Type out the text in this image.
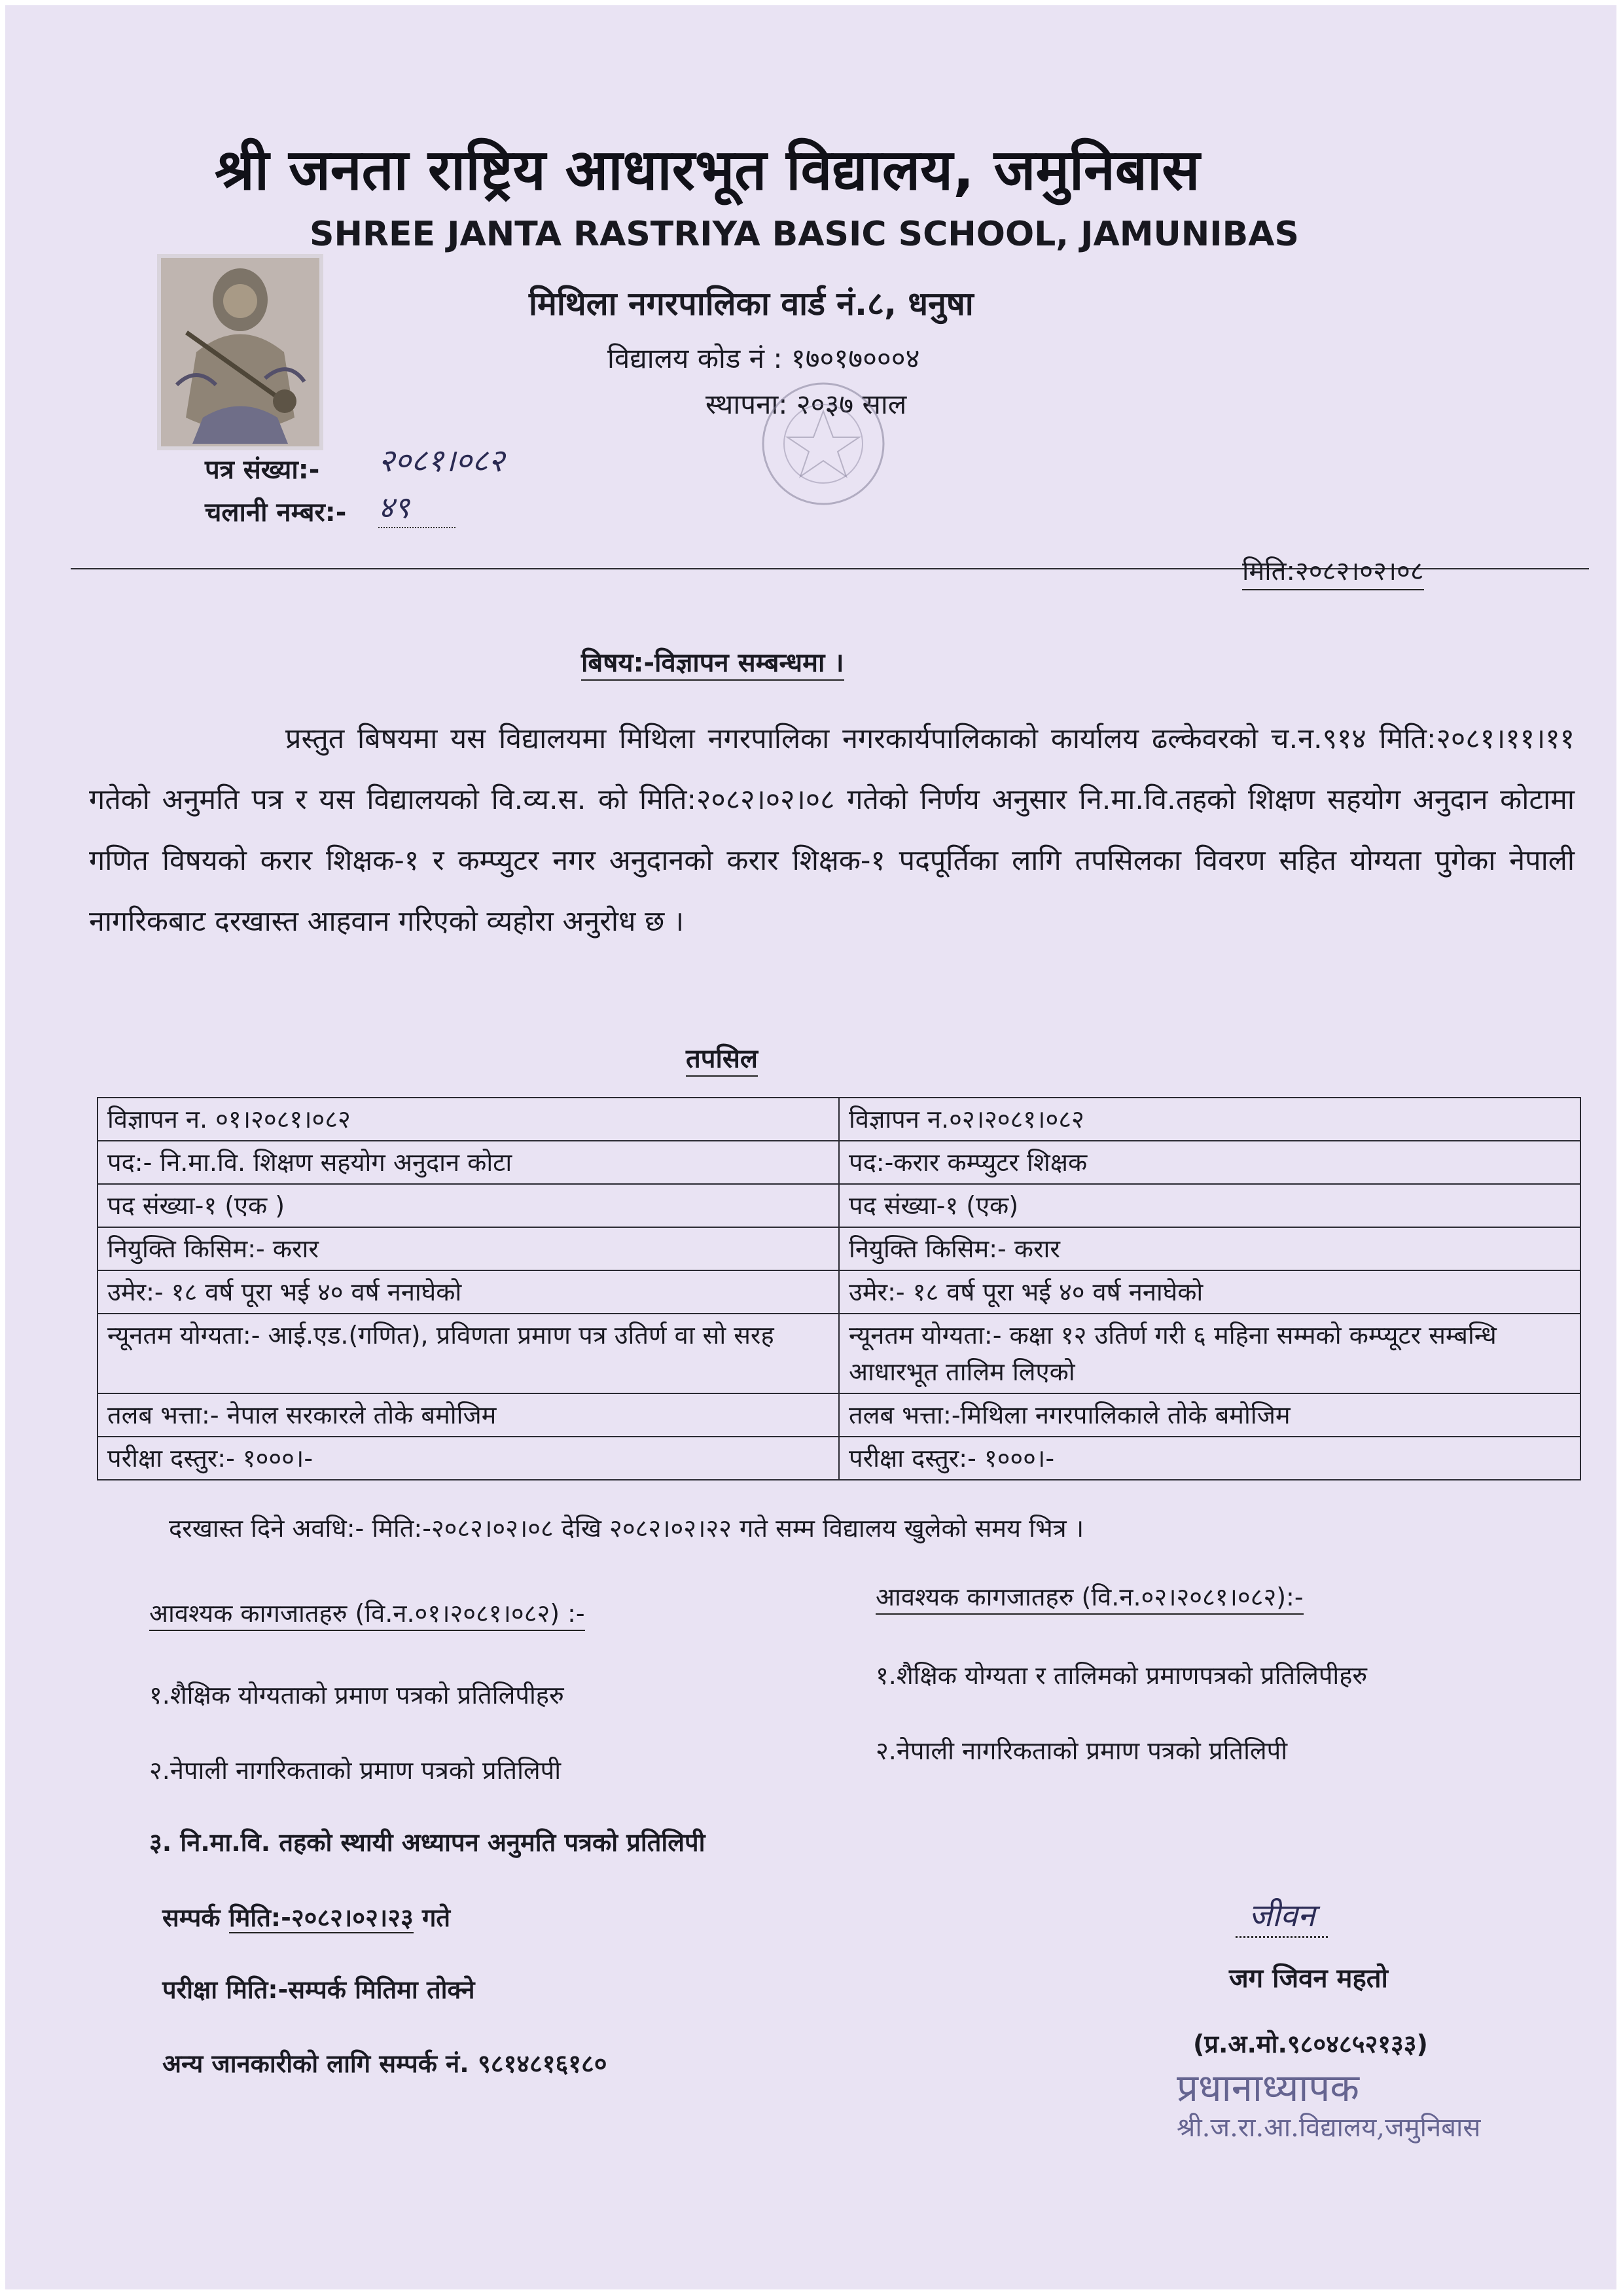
श्री जनता राष्ट्रिय आधारभूत विद्यालय, जमुनिबास
SHREE JANTA RASTRIYA BASIC SCHOOL, JAMUNIBAS
मिथिला नगरपालिका वार्ड नं.८, धनुषा
विद्यालय कोड नं : १७०१७०००४
स्थापना: २०३७ साल
पत्र संख्या:- २०८१।०८२
चलानी नम्बर:- ४९
मिति:२०८२।०२।०८
बिषय:-विज्ञापन सम्बन्धमा ।
प्रस्तुत बिषयमा यस विद्यालयमा मिथिला नगरपालिका नगरकार्यपालिकाको कार्यालय ढल्केवरको च.न.९१४ मिति:२०८१।११।११ गतेको अनुमति पत्र र यस विद्यालयको वि.व्य.स. को मिति:२०८२।०२।०८ गतेको निर्णय अनुसार नि.मा.वि.तहको शिक्षण सहयोग अनुदान कोटामा गणित विषयको करार शिक्षक-१ र कम्प्युटर नगर अनुदानको करार शिक्षक-१ पदपूर्तिका लागि तपसिलका विवरण सहित योग्यता पुगेका नेपाली नागरिकबाट दरखास्त आहवान गरिएको व्यहोरा अनुरोध छ ।
तपसिल
विज्ञापन न. ०१।२०८१।०८२	विज्ञापन न.०२।२०८१।०८२
पद:- नि.मा.वि. शिक्षण सहयोग अनुदान कोटा	पद:-करार कम्प्युटर शिक्षक
पद संख्या-१ (एक )	पद संख्या-१ (एक)
नियुक्ति किसिम:- करार	नियुक्ति किसिम:- करार
उमेर:- १८ वर्ष पूरा भई ४० वर्ष ननाघेको	उमेर:- १८ वर्ष पूरा भई ४० वर्ष ननाघेको
न्यूनतम योग्यता:- आई.एड.(गणित), प्रविणता प्रमाण पत्र उतिर्ण वा सो सरह	न्यूनतम योग्यता:- कक्षा १२ उतिर्ण गरी ६ महिना सम्मको कम्प्यूटर सम्बन्धि आधारभूत तालिम लिएको
तलब भत्ता:- नेपाल सरकारले तोके बमोजिम	तलब भत्ता:-मिथिला नगरपालिकाले तोके बमोजिम
परीक्षा दस्तुर:- १०००।-	परीक्षा दस्तुर:- १०००।-
दरखास्त दिने अवधि:- मिति:-२०८२।०२।०८ देखि २०८२।०२।२२ गते सम्म विद्यालय खुलेको समय भित्र ।
आवश्यक कागजातहरु (वि.न.०१।२०८१।०८२) :-
१.शैक्षिक योग्यताको प्रमाण पत्रको प्रतिलिपीहरु
२.नेपाली नागरिकताको प्रमाण पत्रको प्रतिलिपी
३. नि.मा.वि. तहको स्थायी अध्यापन अनुमति पत्रको प्रतिलिपी
आवश्यक कागजातहरु (वि.न.०२।२०८१।०८२):-
१.शैक्षिक योग्यता र तालिमको प्रमाणपत्रको प्रतिलिपीहरु
२.नेपाली नागरिकताको प्रमाण पत्रको प्रतिलिपी
सम्पर्क मिति:-२०८२।०२।२३ गते
परीक्षा मिति:-सम्पर्क मितिमा तोक्ने
अन्य जानकारीको लागि सम्पर्क नं. ९८१४८१६१८०
जीवन
जग जिवन महतो
(प्र.अ.मो.९८०४८५२१३३)
प्रधानाध्यापक
श्री.ज.रा.आ.विद्यालय,जमुनिबास
